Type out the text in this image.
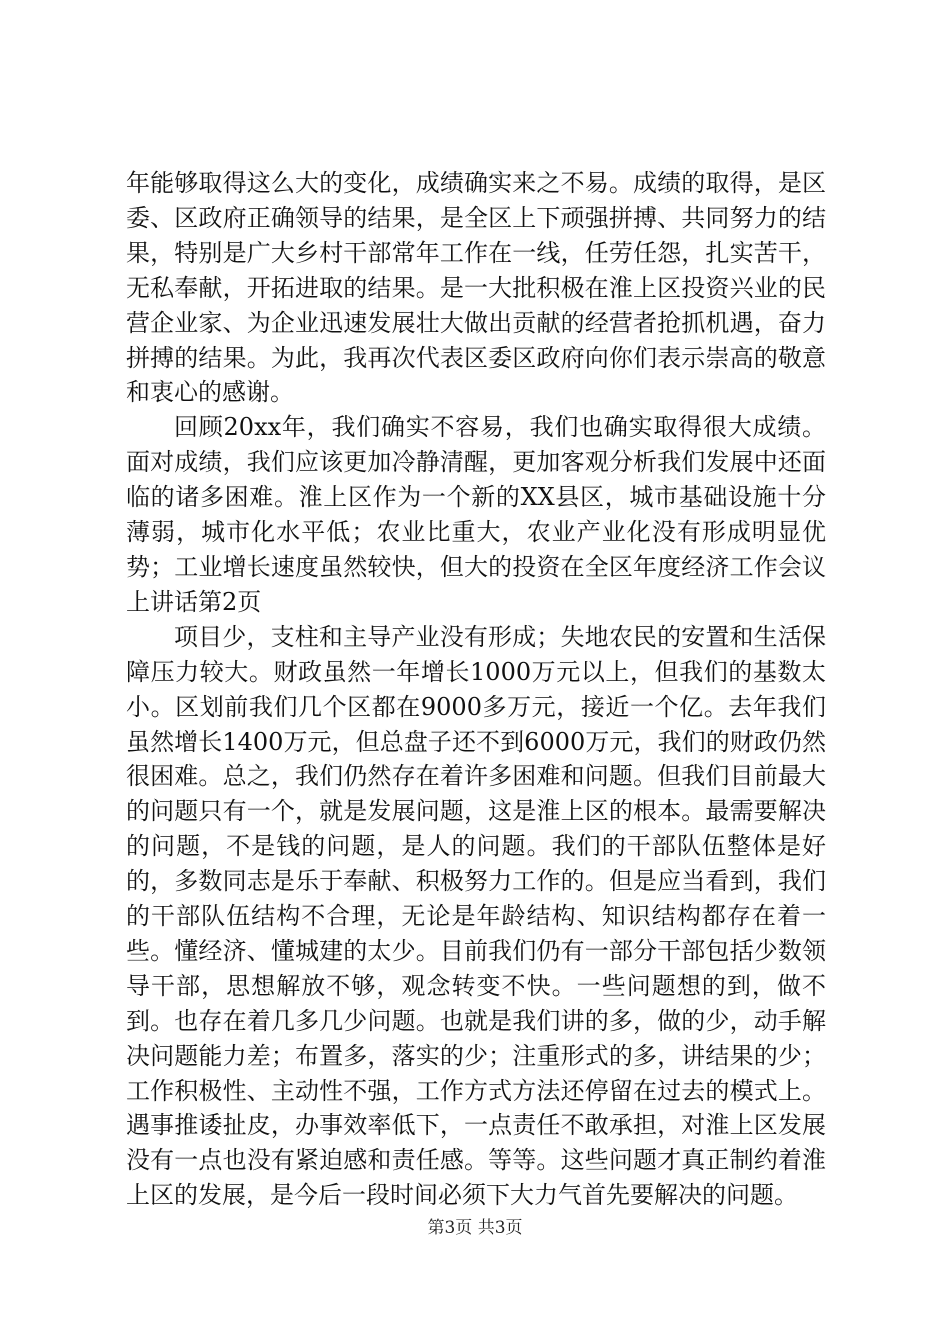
年能够取得这么大的变化，成绩确实来之不易。成绩的取得，是区委、区政府正确领导的结果，是全区上下顽强拼搏、共同努力的结果，特别是广大乡村干部常年工作在一线，任劳任怨，扎实苦干，无私奉献，开拓进取的结果。是一大批积极在淮上区投资兴业的民营企业家、为企业迅速发展壮大做出贡献的经营者抢抓机遇，奋力拼搏的结果。为此，我再次代表区委区政府向你们表示崇高的敬意和衷心的感谢。

回顾20xx年，我们确实不容易，我们也确实取得很大成绩。面对成绩，我们应该更加冷静清醒，更加客观分析我们发展中还面临的诸多困难。淮上区作为一个新的XX县区，城市基础设施十分薄弱，城市化水平低；农业比重大，农业产业化没有形成明显优势；工业增长速度虽然较快，但大的投资在全区年度经济工作会议上讲话第2页

项目少，支柱和主导产业没有形成；失地农民的安置和生活保障压力较大。财政虽然一年增长1000万元以上，但我们的基数太小。区划前我们几个区都在9000多万元，接近一个亿。去年我们虽然增长1400万元，但总盘子还不到6000万元，我们的财政仍然很困难。总之，我们仍然存在着许多困难和问题。但我们目前最大的问题只有一个，就是发展问题，这是淮上区的根本。最需要解决的问题，不是钱的问题，是人的问题。我们的干部队伍整体是好的，多数同志是乐于奉献、积极努力工作的。但是应当看到，我们的干部队伍结构不合理，无论是年龄结构、知识结构都存在着一些。懂经济、懂城建的太少。目前我们仍有一部分干部包括少数领导干部，思想解放不够，观念转变不快。一些问题想的到，做不到。也存在着几多几少问题。也就是我们讲的多，做的少，动手解决问题能力差；布置多，落实的少；注重形式的多，讲结果的少；工作积极性、主动性不强，工作方式方法还停留在过去的模式上。遇事推诿扯皮，办事效率低下，一点责任不敢承担，对淮上区发展没有一点也没有紧迫感和责任感。等等。这些问题才真正制约着淮上区的发展，是今后一段时间必须下大力气首先要解决的问题。

第3页 共3页
